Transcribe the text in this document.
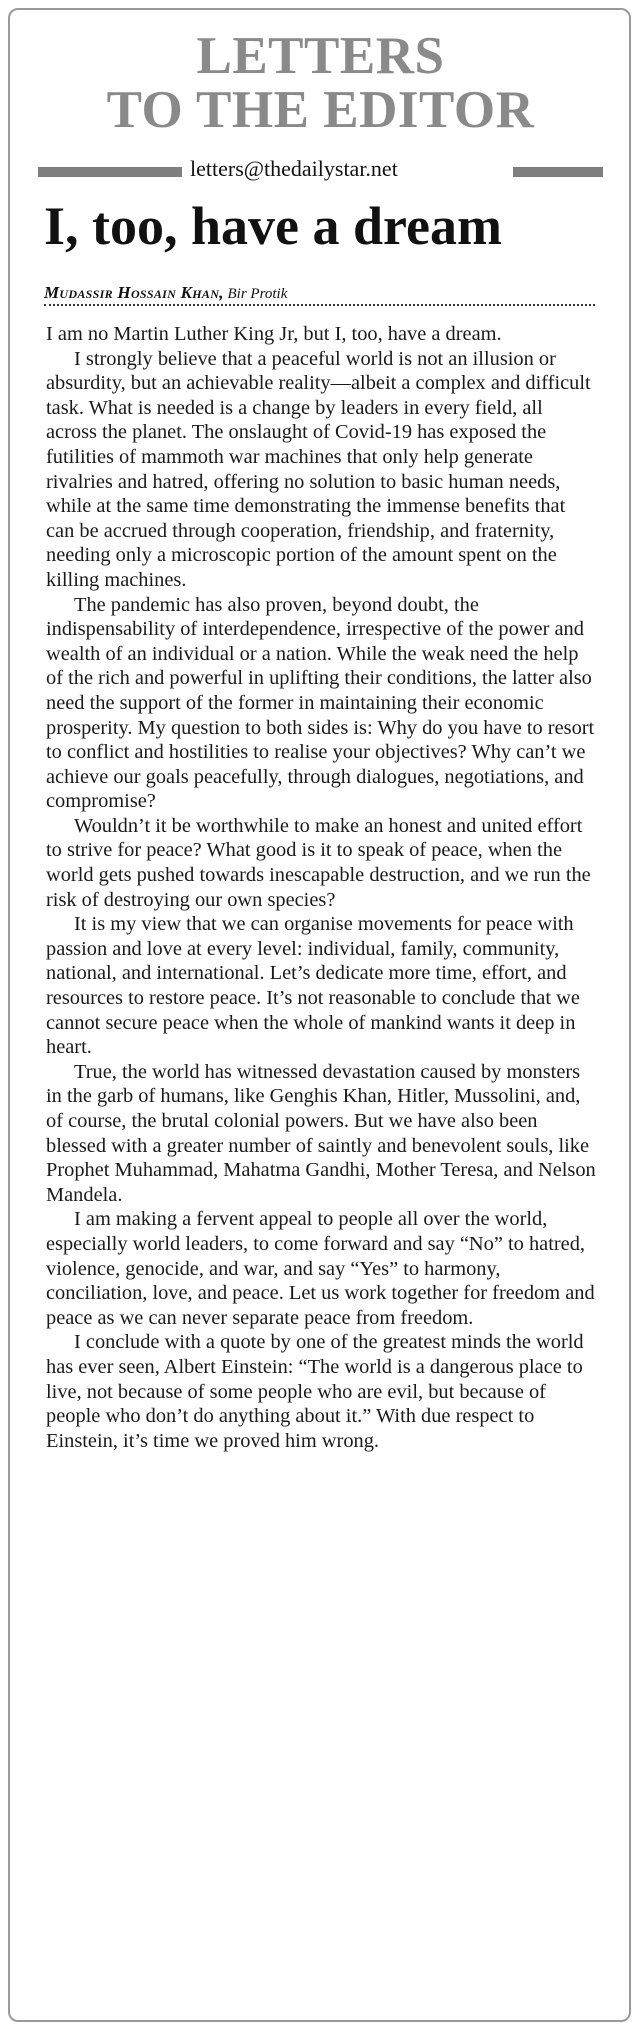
LETTERS
TO THE EDITOR
letters@thedailystar.net
I, too, have a dream
Mudassir Hossain Khan, Bir Protik

I am no Martin Luther King Jr, but I, too, have a dream.

I strongly believe that a peaceful world is not an illusion or absurdity, but an achievable reality—albeit a complex and difficult task. What is needed is a change by leaders in every field, all across the planet. The onslaught of Covid-19 has exposed the futilities of mammoth war machines that only help generate rivalries and hatred, offering no solution to basic human needs, while at the same time demonstrating the immense benefits that can be accrued through cooperation, friendship, and fraternity, needing only a microscopic portion of the amount spent on the killing machines.

The pandemic has also proven, beyond doubt, the indispensability of interdependence, irrespective of the power and wealth of an individual or a nation. While the weak need the help of the rich and powerful in uplifting their conditions, the latter also need the support of the former in maintaining their economic prosperity. My question to both sides is: Why do you have to resort to conflict and hostilities to realise your objectives? Why can’t we achieve our goals peacefully, through dialogues, negotiations, and compromise?

Wouldn’t it be worthwhile to make an honest and united effort to strive for peace? What good is it to speak of peace, when the world gets pushed towards inescapable destruction, and we run the risk of destroying our own species?

It is my view that we can organise movements for peace with passion and love at every level: individual, family, community, national, and international. Let’s dedicate more time, effort, and resources to restore peace. It’s not reasonable to conclude that we cannot secure peace when the whole of mankind wants it deep in heart.

True, the world has witnessed devastation caused by monsters in the garb of humans, like Genghis Khan, Hitler, Mussolini, and, of course, the brutal colonial powers. But we have also been blessed with a greater number of saintly and benevolent souls, like Prophet Muhammad, Mahatma Gandhi, Mother Teresa, and Nelson Mandela.

I am making a fervent appeal to people all over the world, especially world leaders, to come forward and say “No” to hatred, violence, genocide, and war, and say “Yes” to harmony, conciliation, love, and peace. Let us work together for freedom and peace as we can never separate peace from freedom.

I conclude with a quote by one of the greatest minds the world has ever seen, Albert Einstein: “The world is a dangerous place to live, not because of some people who are evil, but because of people who don’t do anything about it.” With due respect to Einstein, it’s time we proved him wrong.
